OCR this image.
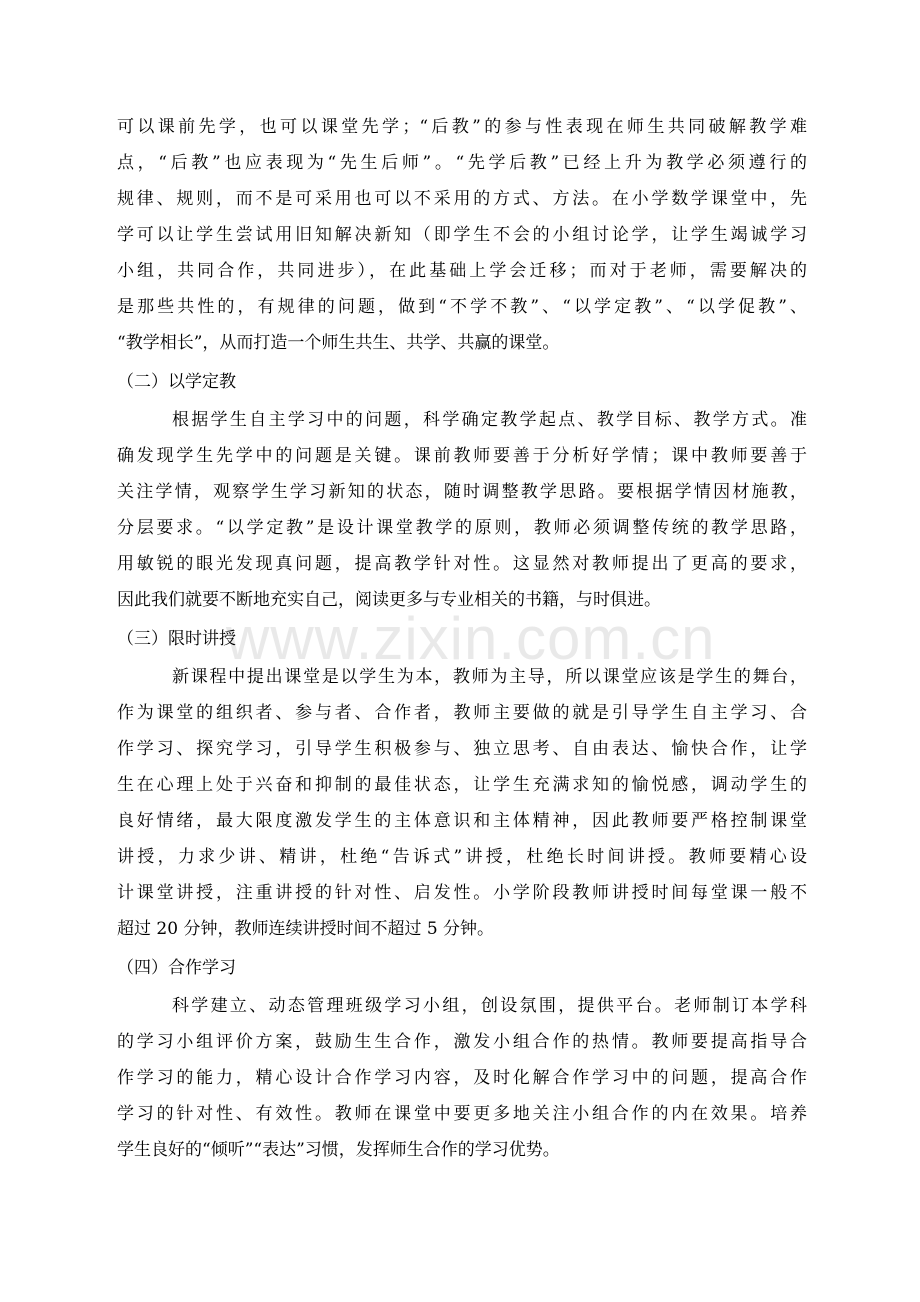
www.zixin.com.cn
可以课前先学，也可以课堂先学；“后教”的参与性表现在师生共同破解教学难
点，“后教”也应表现为“先生后师”。“先学后教”已经上升为教学必须遵行的
规律、规则，而不是可采用也可以不采用的方式、方法。在小学数学课堂中，先
学可以让学生尝试用旧知解决新知（即学生不会的小组讨论学，让学生竭诚学习
小组，共同合作，共同进步），在此基础上学会迁移；而对于老师，需要解决的
是那些共性的，有规律的问题，做到“不学不教”、“以学定教”、“以学促教”、
“教学相长”，从而打造一个师生共生、共学、共赢的课堂。
（二）以学定教
根据学生自主学习中的问题，科学确定教学起点、教学目标、教学方式。准
确发现学生先学中的问题是关键。课前教师要善于分析好学情；课中教师要善于
关注学情，观察学生学习新知的状态，随时调整教学思路。要根据学情因材施教，
分层要求。“以学定教”是设计课堂教学的原则，教师必须调整传统的教学思路，
用敏锐的眼光发现真问题，提高教学针对性。这显然对教师提出了更高的要求，
因此我们就要不断地充实自己，阅读更多与专业相关的书籍，与时俱进。
（三）限时讲授
新课程中提出课堂是以学生为本，教师为主导，所以课堂应该是学生的舞台，
作为课堂的组织者、参与者、合作者，教师主要做的就是引导学生自主学习、合
作学习、探究学习，引导学生积极参与、独立思考、自由表达、愉快合作，让学
生在心理上处于兴奋和抑制的最佳状态，让学生充满求知的愉悦感，调动学生的
良好情绪，最大限度激发学生的主体意识和主体精神，因此教师要严格控制课堂
讲授，力求少讲、精讲，杜绝“告诉式”讲授，杜绝长时间讲授。教师要精心设
计课堂讲授，注重讲授的针对性、启发性。小学阶段教师讲授时间每堂课一般不
超过 20 分钟，教师连续讲授时间不超过 5 分钟。
（四）合作学习
科学建立、动态管理班级学习小组，创设氛围，提供平台。老师制订本学科
的学习小组评价方案，鼓励生生合作，激发小组合作的热情。教师要提高指导合
作学习的能力，精心设计合作学习内容，及时化解合作学习中的问题，提高合作
学习的针对性、有效性。教师在课堂中要更多地关注小组合作的内在效果。培养
学生良好的“倾听”“表达”习惯，发挥师生合作的学习优势。
